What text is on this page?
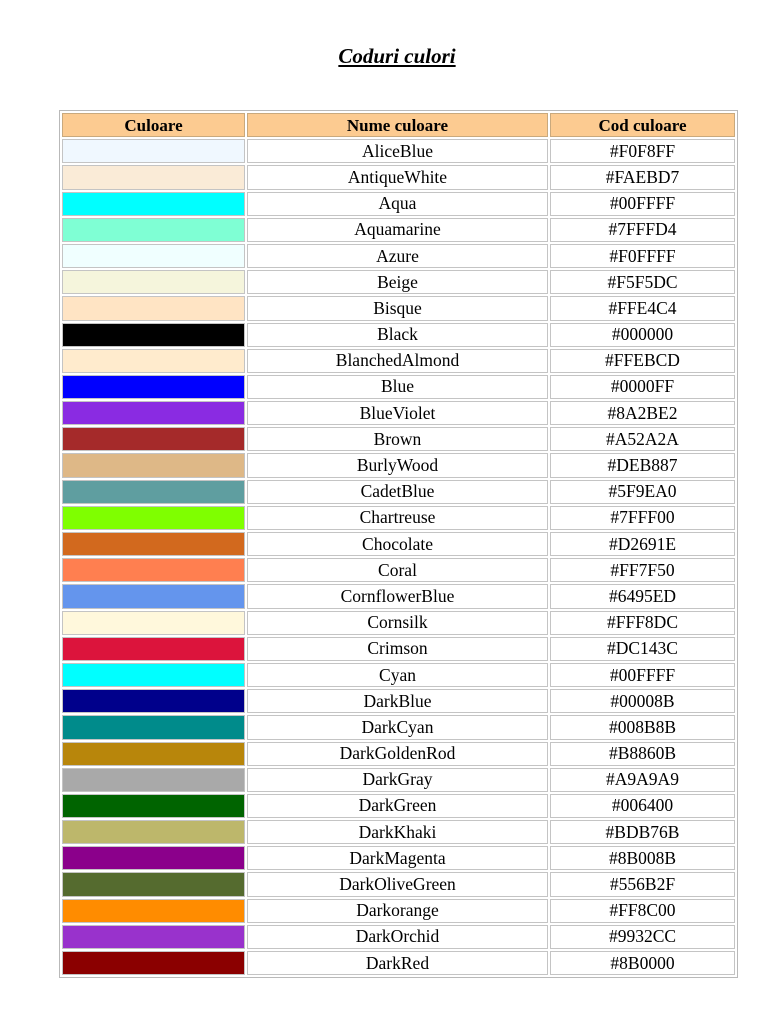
Coduri culori
Culoare	Nume culoare	Cod culoare
	AliceBlue	#F0F8FF
	AntiqueWhite	#FAEBD7
	Aqua	#00FFFF
	Aquamarine	#7FFFD4
	Azure	#F0FFFF
	Beige	#F5F5DC
	Bisque	#FFE4C4
	Black	#000000
	BlanchedAlmond	#FFEBCD
	Blue	#0000FF
	BlueViolet	#8A2BE2
	Brown	#A52A2A
	BurlyWood	#DEB887
	CadetBlue	#5F9EA0
	Chartreuse	#7FFF00
	Chocolate	#D2691E
	Coral	#FF7F50
	CornflowerBlue	#6495ED
	Cornsilk	#FFF8DC
	Crimson	#DC143C
	Cyan	#00FFFF
	DarkBlue	#00008B
	DarkCyan	#008B8B
	DarkGoldenRod	#B8860B
	DarkGray	#A9A9A9
	DarkGreen	#006400
	DarkKhaki	#BDB76B
	DarkMagenta	#8B008B
	DarkOliveGreen	#556B2F
	Darkorange	#FF8C00
	DarkOrchid	#9932CC
	DarkRed	#8B0000
